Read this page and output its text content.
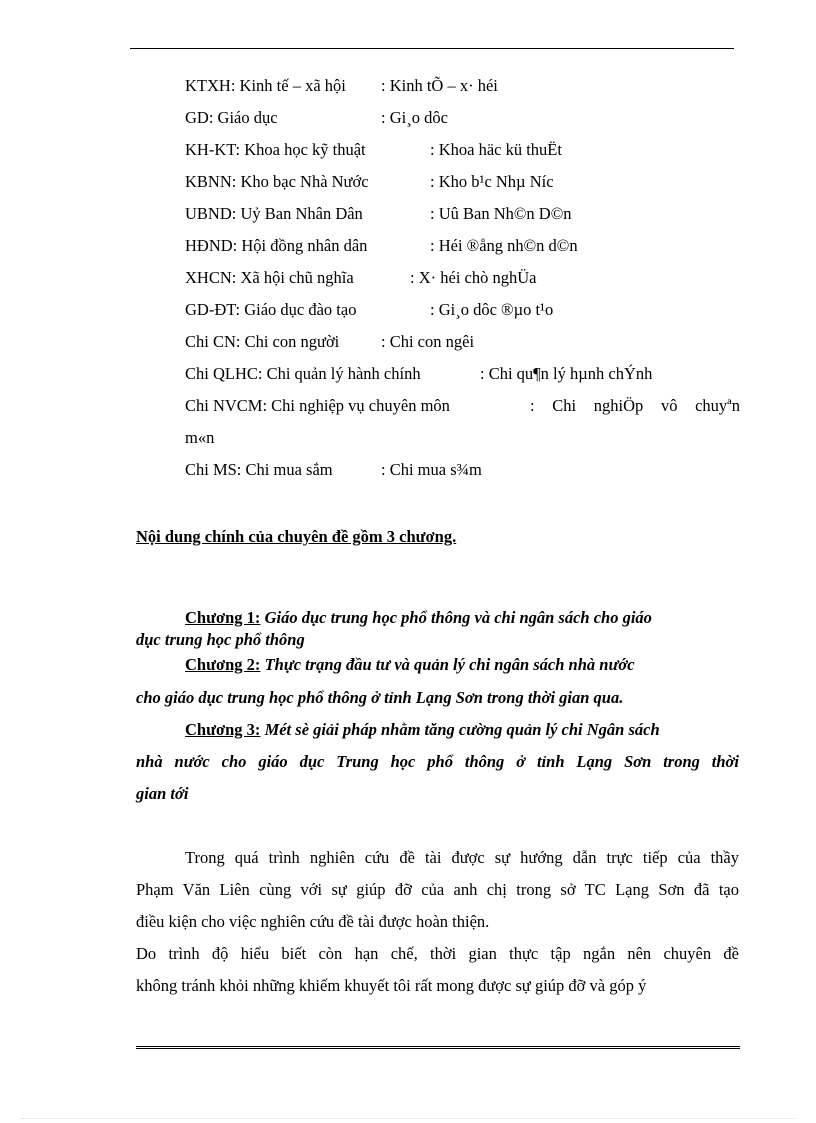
KTXH: Kinh tế – xã hội : Kinh tÕ – x· héi
GD: Giáo dục	: Gi¸o dôc
KH-KT: Khoa học kỹ thuật	: Khoa häc kü thuËt
KBNN: Kho bạc Nhà Nước	: Kho b¹c Nhµ Níc
UBND: Uỷ Ban Nhân Dân	: Uû Ban Nh©n D©n
HĐND: Hội đồng nhân dân	: Héi ®ång nh©n d©n
XHCN: Xã hội chũ nghĩa	: X· héi chò nghÜa
GD-ĐT: Giáo dục đào tạo	: Gi¸o dôc ®µo t¹o
Chi CN: Chi con người	: Chi con ngêi
Chi QLHC: Chi quản lý hành chính	: Chi qu¶n lý hµnh chÝnh
Chi NVCM: Chi nghiệp vụ chuyên môn	: Chi nghiÖp vô chuyªn
m«n
Chi MS: Chi mua sắm	: Chi mua s¾m
Nội dung chính của chuyên đề gồm 3 chương.
Chương 1: Giáo dục trung học phổ thông và chi ngân sách cho giáo
dục trung học phổ thông
Chương 2: Thực trạng đầu tư và quản lý chi ngân sách nhà nước
cho giáo dục trung học phổ thông ở tỉnh Lạng Sơn trong thời gian qua.
Chương 3: Mét sè giải pháp nhằm tăng cường quản lý chi Ngân sách
nhà nước cho giáo dục Trung học phổ thông ở tỉnh Lạng Sơn trong thời
gian tới
Trong quá trình nghiên cứu đề tài được sự hướng dẫn trực tiếp của thầy
Phạm Văn Liên cùng với sự giúp đỡ của anh chị trong sở TC Lạng Sơn đã tạo
điều kiện cho việc nghiên cứu đề tài được hoàn thiện.
Do trình độ hiểu biết còn hạn chế, thời gian thực tập ngắn nên chuyên đề
không tránh khỏi những khiếm khuyết tôi rất mong được sự giúp đỡ và góp ý
